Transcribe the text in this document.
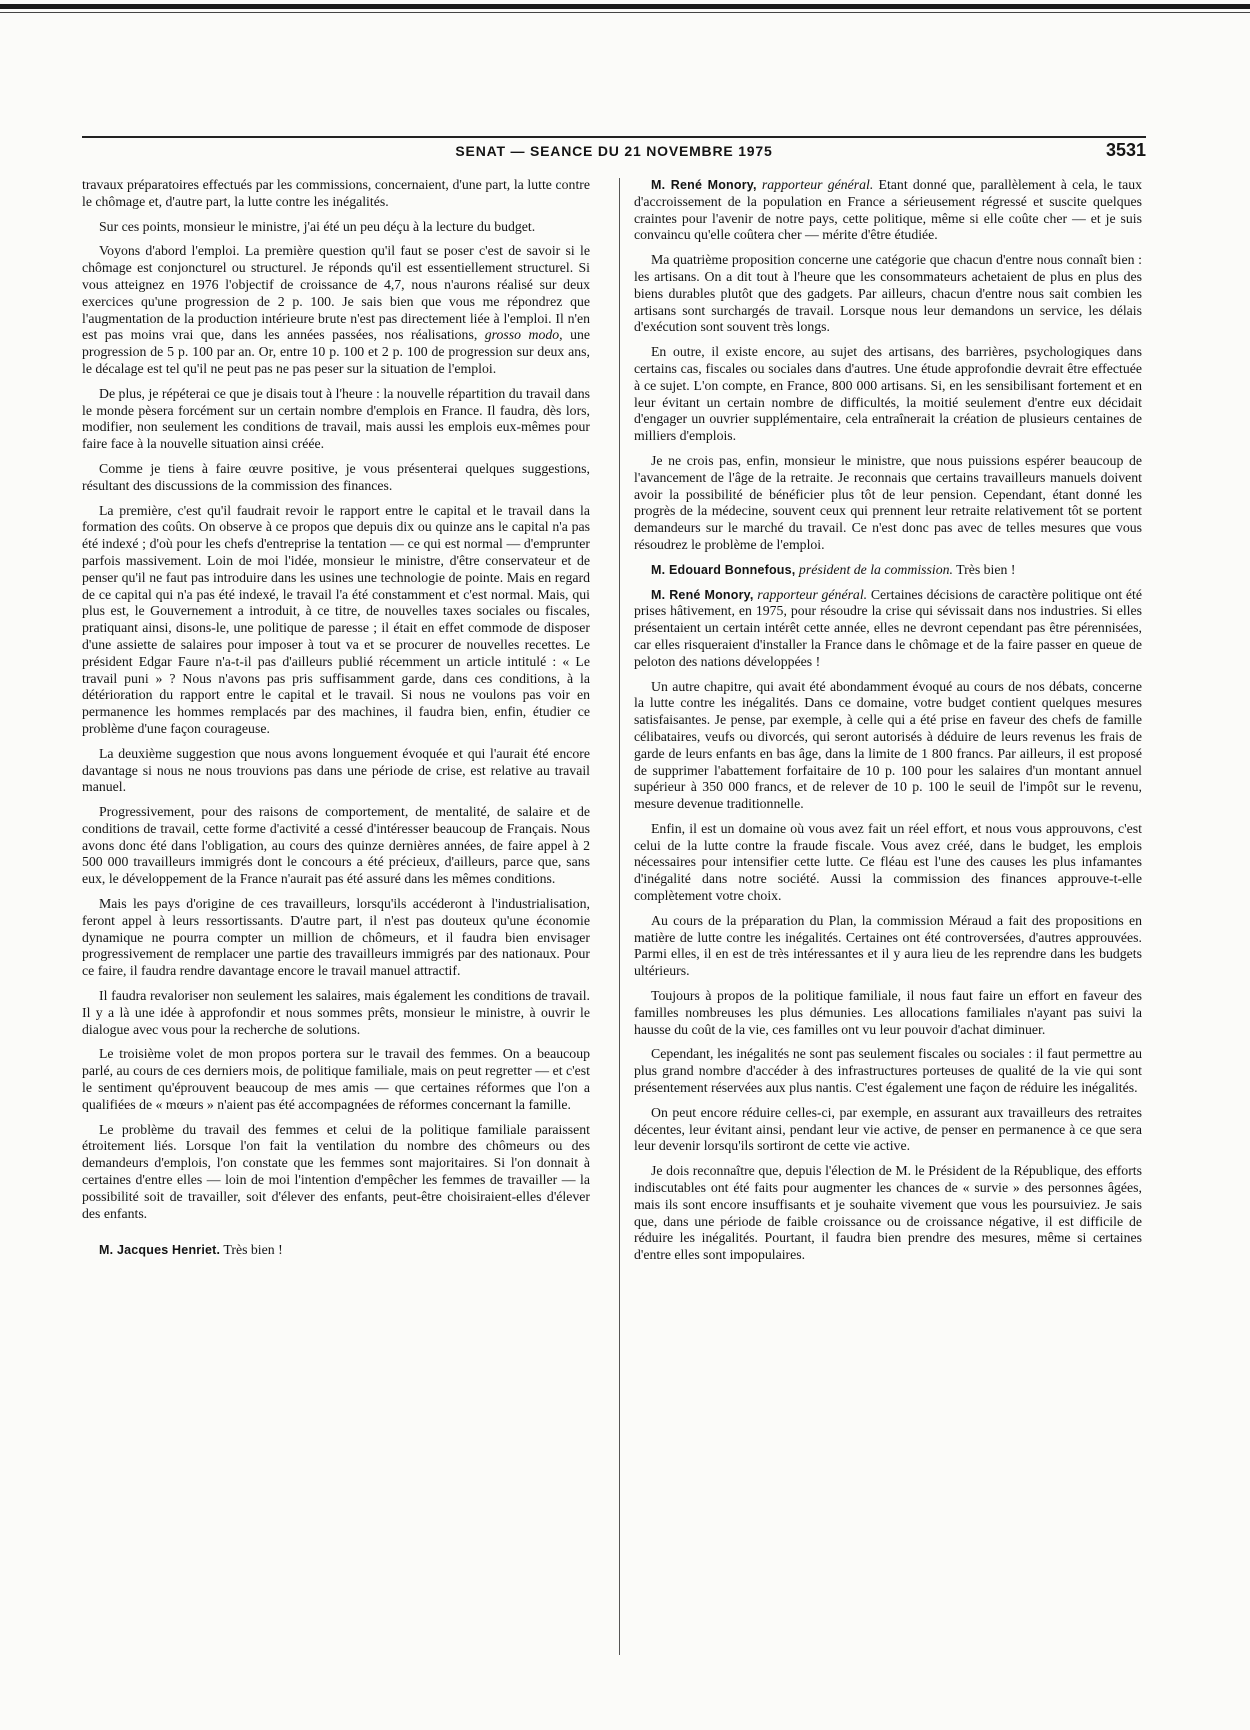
SENAT — SEANCE DU 21 NOVEMBRE 1975	3531

travaux préparatoires effectués par les commissions, concernaient, d'une part, la lutte contre le chômage et, d'autre part, la lutte contre les inégalités.

Sur ces points, monsieur le ministre, j'ai été un peu déçu à la lecture du budget.

Voyons d'abord l'emploi. La première question qu'il faut se poser c'est de savoir si le chômage est conjoncturel ou structurel. Je réponds qu'il est essentiellement structurel. Si vous atteignez en 1976 l'objectif de croissance de 4,7, nous n'aurons réalisé sur deux exercices qu'une progression de 2 p. 100. Je sais bien que vous me répondrez que l'augmentation de la production intérieure brute n'est pas directement liée à l'emploi. Il n'en est pas moins vrai que, dans les années passées, nos réalisations, grosso modo, une progression de 5 p. 100 par an. Or, entre 10 p. 100 et 2 p. 100 de progression sur deux ans, le décalage est tel qu'il ne peut pas ne pas peser sur la situation de l'emploi.

De plus, je répéterai ce que je disais tout à l'heure : la nouvelle répartition du travail dans le monde pèsera forcément sur un certain nombre d'emplois en France. Il faudra, dès lors, modifier, non seulement les conditions de travail, mais aussi les emplois eux-mêmes pour faire face à la nouvelle situation ainsi créée.

Comme je tiens à faire œuvre positive, je vous présenterai quelques suggestions, résultant des discussions de la commission des finances.

La première, c'est qu'il faudrait revoir le rapport entre le capital et le travail dans la formation des coûts. On observe à ce propos que depuis dix ou quinze ans le capital n'a pas été indexé ; d'où pour les chefs d'entreprise la tentation — ce qui est normal — d'emprunter parfois massivement. Loin de moi l'idée, monsieur le ministre, d'être conservateur et de penser qu'il ne faut pas introduire dans les usines une technologie de pointe. Mais en regard de ce capital qui n'a pas été indexé, le travail l'a été constamment et c'est normal. Mais, qui plus est, le Gouvernement a introduit, à ce titre, de nouvelles taxes sociales ou fiscales, pratiquant ainsi, disons-le, une politique de paresse ; il était en effet commode de disposer d'une assiette de salaires pour imposer à tout va et se procurer de nouvelles recettes. Le président Edgar Faure n'a-t-il pas d'ailleurs publié récemment un article intitulé : « Le travail puni » ? Nous n'avons pas pris suffisamment garde, dans ces conditions, à la détérioration du rapport entre le capital et le travail. Si nous ne voulons pas voir en permanence les hommes remplacés par des machines, il faudra bien, enfin, étudier ce problème d'une façon courageuse.

La deuxième suggestion que nous avons longuement évoquée et qui l'aurait été encore davantage si nous ne nous trouvions pas dans une période de crise, est relative au travail manuel.

Progressivement, pour des raisons de comportement, de mentalité, de salaire et de conditions de travail, cette forme d'activité a cessé d'intéresser beaucoup de Français. Nous avons donc été dans l'obligation, au cours des quinze dernières années, de faire appel à 2 500 000 travailleurs immigrés dont le concours a été précieux, d'ailleurs, parce que, sans eux, le développement de la France n'aurait pas été assuré dans les mêmes conditions.

Mais les pays d'origine de ces travailleurs, lorsqu'ils accéderont à l'industrialisation, feront appel à leurs ressortissants. D'autre part, il n'est pas douteux qu'une économie dynamique ne pourra compter un million de chômeurs, et il faudra bien envisager progressivement de remplacer une partie des travailleurs immigrés par des nationaux. Pour ce faire, il faudra rendre davantage encore le travail manuel attractif.

Il faudra revaloriser non seulement les salaires, mais également les conditions de travail. Il y a là une idée à approfondir et nous sommes prêts, monsieur le ministre, à ouvrir le dialogue avec vous pour la recherche de solutions.

Le troisième volet de mon propos portera sur le travail des femmes. On a beaucoup parlé, au cours de ces derniers mois, de politique familiale, mais on peut regretter — et c'est le sentiment qu'éprouvent beaucoup de mes amis — que certaines réformes que l'on a qualifiées de « mœurs » n'aient pas été accompagnées de réformes concernant la famille.

Le problème du travail des femmes et celui de la politique familiale paraissent étroitement liés. Lorsque l'on fait la ventilation du nombre des chômeurs ou des demandeurs d'emplois, l'on constate que les femmes sont majoritaires. Si l'on donnait à certaines d'entre elles — loin de moi l'intention d'empêcher les femmes de travailler — la possibilité soit de travailler, soit d'élever des enfants, peut-être choisiraient-elles d'élever des enfants.

M. Jacques Henriet. Très bien !

M. René Monory, rapporteur général. Etant donné que, parallèlement à cela, le taux d'accroissement de la population en France a sérieusement régressé et suscite quelques craintes pour l'avenir de notre pays, cette politique, même si elle coûte cher — et je suis convaincu qu'elle coûtera cher — mérite d'être étudiée.

Ma quatrième proposition concerne une catégorie que chacun d'entre nous connaît bien : les artisans. On a dit tout à l'heure que les consommateurs achetaient de plus en plus des biens durables plutôt que des gadgets. Par ailleurs, chacun d'entre nous sait combien les artisans sont surchargés de travail. Lorsque nous leur demandons un service, les délais d'exécution sont souvent très longs.

En outre, il existe encore, au sujet des artisans, des barrières, psychologiques dans certains cas, fiscales ou sociales dans d'autres. Une étude approfondie devrait être effectuée à ce sujet. L'on compte, en France, 800 000 artisans. Si, en les sensibilisant fortement et en leur évitant un certain nombre de difficultés, la moitié seulement d'entre eux décidait d'engager un ouvrier supplémentaire, cela entraînerait la création de plusieurs centaines de milliers d'emplois.

Je ne crois pas, enfin, monsieur le ministre, que nous puissions espérer beaucoup de l'avancement de l'âge de la retraite. Je reconnais que certains travailleurs manuels doivent avoir la possibilité de bénéficier plus tôt de leur pension. Cependant, étant donné les progrès de la médecine, souvent ceux qui prennent leur retraite relativement tôt se portent demandeurs sur le marché du travail. Ce n'est donc pas avec de telles mesures que vous résoudrez le problème de l'emploi.

M. Edouard Bonnefous, président de la commission. Très bien !

M. René Monory, rapporteur général. Certaines décisions de caractère politique ont été prises hâtivement, en 1975, pour résoudre la crise qui sévissait dans nos industries. Si elles présentaient un certain intérêt cette année, elles ne devront cependant pas être pérennisées, car elles risqueraient d'installer la France dans le chômage et de la faire passer en queue de peloton des nations développées !

Un autre chapitre, qui avait été abondamment évoqué au cours de nos débats, concerne la lutte contre les inégalités. Dans ce domaine, votre budget contient quelques mesures satisfaisantes. Je pense, par exemple, à celle qui a été prise en faveur des chefs de famille célibataires, veufs ou divorcés, qui seront autorisés à déduire de leurs revenus les frais de garde de leurs enfants en bas âge, dans la limite de 1 800 francs. Par ailleurs, il est proposé de supprimer l'abattement forfaitaire de 10 p. 100 pour les salaires d'un montant annuel supérieur à 350 000 francs, et de relever de 10 p. 100 le seuil de l'impôt sur le revenu, mesure devenue traditionnelle.

Enfin, il est un domaine où vous avez fait un réel effort, et nous vous approuvons, c'est celui de la lutte contre la fraude fiscale. Vous avez créé, dans le budget, les emplois nécessaires pour intensifier cette lutte. Ce fléau est l'une des causes les plus infamantes d'inégalité dans notre société. Aussi la commission des finances approuve-t-elle complètement votre choix.

Au cours de la préparation du Plan, la commission Méraud a fait des propositions en matière de lutte contre les inégalités. Certaines ont été controversées, d'autres approuvées. Parmi elles, il en est de très intéressantes et il y aura lieu de les reprendre dans les budgets ultérieurs.

Toujours à propos de la politique familiale, il nous faut faire un effort en faveur des familles nombreuses les plus démunies. Les allocations familiales n'ayant pas suivi la hausse du coût de la vie, ces familles ont vu leur pouvoir d'achat diminuer.

Cependant, les inégalités ne sont pas seulement fiscales ou sociales : il faut permettre au plus grand nombre d'accéder à des infrastructures porteuses de qualité de la vie qui sont présentement réservées aux plus nantis. C'est également une façon de réduire les inégalités.

On peut encore réduire celles-ci, par exemple, en assurant aux travailleurs des retraites décentes, leur évitant ainsi, pendant leur vie active, de penser en permanence à ce que sera leur devenir lorsqu'ils sortiront de cette vie active.

Je dois reconnaître que, depuis l'élection de M. le Président de la République, des efforts indiscutables ont été faits pour augmenter les chances de « survie » des personnes âgées, mais ils sont encore insuffisants et je souhaite vivement que vous les poursuiviez. Je sais que, dans une période de faible croissance ou de croissance négative, il est difficile de réduire les inégalités. Pourtant, il faudra bien prendre des mesures, même si certaines d'entre elles sont impopulaires.
